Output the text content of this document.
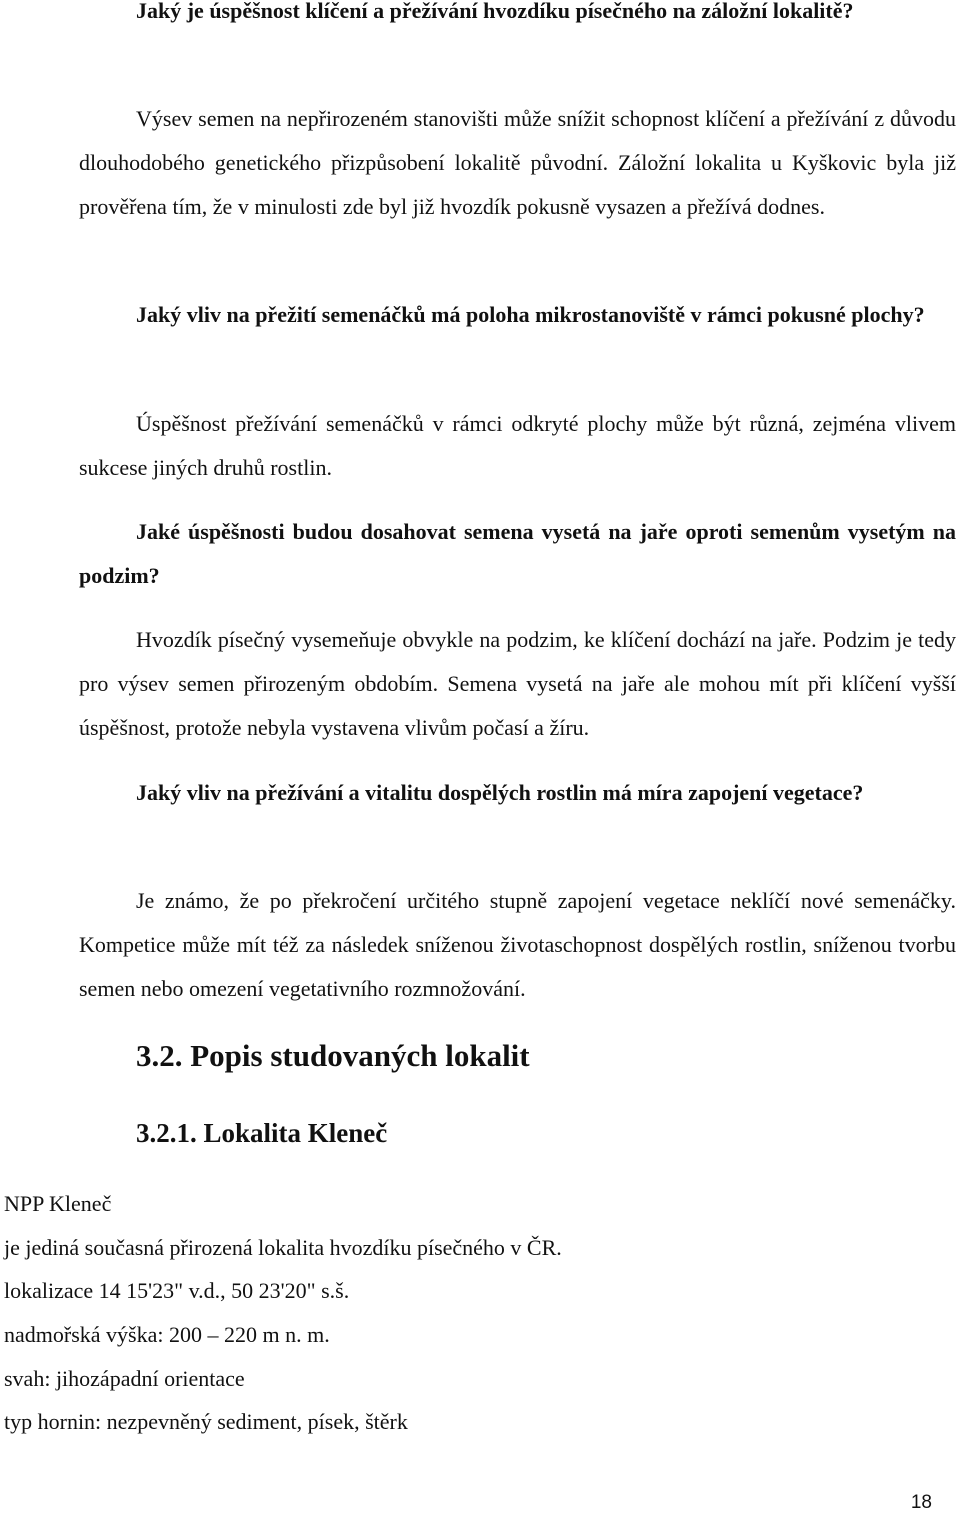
Jaký je úspěšnost klíčení a přežívání hvozdíku písečného na záložní lokalitě?

Výsev semen na nepřirozeném stanovišti může snížit schopnost klíčení a přežívání z důvodu dlouhodobého genetického přizpůsobení lokalitě původní. Záložní lokalita u Kyškovic byla již prověřena tím, že v minulosti zde byl již hvozdík pokusně vysazen a přežívá dodnes.

Jaký vliv na přežití semenáčků má poloha mikrostanoviště v rámci pokusné plochy?

Úspěšnost přežívání semenáčků v rámci odkryté plochy může být různá, zejména vlivem sukcese jiných druhů rostlin.

Jaké úspěšnosti budou dosahovat semena vysetá na jaře oproti semenům vysetým na podzim?

Hvozdík písečný vysemeňuje obvykle na podzim, ke klíčení dochází na jaře. Podzim je tedy pro výsev semen přirozeným obdobím. Semena vysetá na jaře ale mohou mít při klíčení vyšší úspěšnost, protože nebyla vystavena vlivům počasí a žíru.

Jaký vliv na přežívání a vitalitu dospělých rostlin má míra zapojení vegetace?

Je známo, že po překročení určitého stupně zapojení vegetace neklíčí nové semenáčky. Kompetice může mít též za následek sníženou životaschopnost dospělých rostlin, sníženou tvorbu semen nebo omezení vegetativního rozmnožování.

3.2. Popis studovaných lokalit
3.2.1. Lokalita Kleneč

NPP Kleneč

je jediná současná přirozená lokalita hvozdíku písečného v ČR.

lokalizace 14 15'23" v.d., 50 23'20" s.š.

nadmořská výška: 200 – 220 m n. m.

svah: jihozápadní orientace

typ hornin: nezpevněný sediment, písek, štěrk

18
